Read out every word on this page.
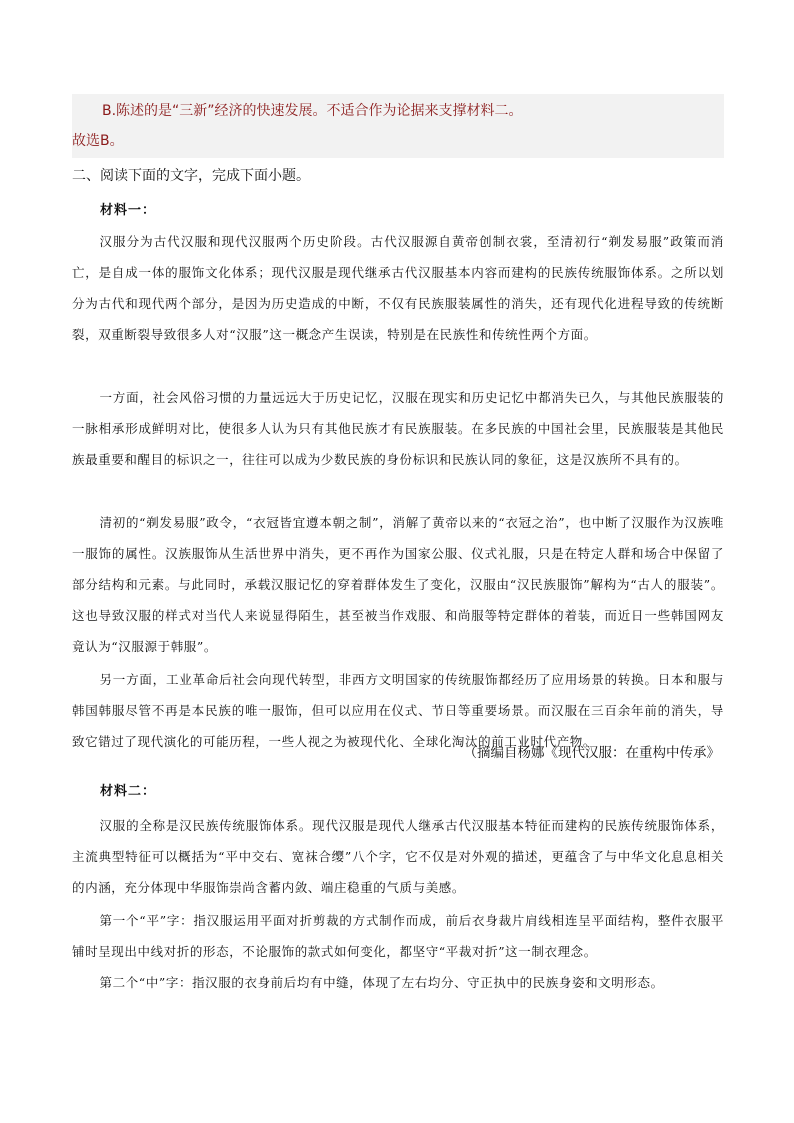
B.陈述的是“三新”经济的快速发展。不适合作为论据来支撑材料二。
故选B。
二、阅读下面的文字，完成下面小题。
材料一：

汉服分为古代汉服和现代汉服两个历史阶段。古代汉服源自黄帝创制衣裳，至清初行“剃发易服”政策而消亡，是自成一体的服饰文化体系；现代汉服是现代继承古代汉服基本内容而建构的民族传统服饰体系。之所以划分为古代和现代两个部分，是因为历史造成的中断，不仅有民族服装属性的消失，还有现代化进程导致的传统断裂，双重断裂导致很多人对“汉服”这一概念产生误读，特别是在民族性和传统性两个方面。

一方面，社会风俗习惯的力量远远大于历史记忆，汉服在现实和历史记忆中都消失已久，与其他民族服装的一脉相承形成鲜明对比，使很多人认为只有其他民族才有民族服装。在多民族的中国社会里，民族服装是其他民族最重要和醒目的标识之一，往往可以成为少数民族的身份标识和民族认同的象征，这是汉族所不具有的。

清初的“剃发易服”政令，“衣冠皆宜遵本朝之制”，消解了黄帝以来的“衣冠之治”，也中断了汉服作为汉族唯一服饰的属性。汉族服饰从生活世界中消失，更不再作为国家公服、仪式礼服，只是在特定人群和场合中保留了部分结构和元素。与此同时，承载汉服记忆的穿着群体发生了变化，汉服由“汉民族服饰”解构为“古人的服装”。这也导致汉服的样式对当代人来说显得陌生，甚至被当作戏服、和尚服等特定群体的着装，而近日一些韩国网友竟认为“汉服源于韩服”。

另一方面，工业革命后社会向现代转型，非西方文明国家的传统服饰都经历了应用场景的转换。日本和服与韩国韩服尽管不再是本民族的唯一服饰，但可以应用在仪式、节日等重要场景。而汉服在三百余年前的消失，导致它错过了现代演化的可能历程，一些人视之为被现代化、全球化淘汰的前工业时代产物。

（摘编自杨娜《现代汉服：在重构中传承》
材料二：

汉服的全称是汉民族传统服饰体系。现代汉服是现代人继承古代汉服基本特征而建构的民族传统服饰体系，主流典型特征可以概括为“平中交右、宽袜合缨”八个字，它不仅是对外观的描述，更蕴含了与中华文化息息相关的内涵，充分体现中华服饰崇尚含蓄内敛、端庄稳重的气质与美感。

第一个“平”字：指汉服运用平面对折剪裁的方式制作而成，前后衣身裁片肩线相连呈平面结构，整件衣服平铺时呈现出中线对折的形态，不论服饰的款式如何变化，都坚守“平裁对折”这一制衣理念。

第二个“中”字：指汉服的衣身前后均有中缝，体现了左右均分、守正执中的民族身姿和文明形态。
